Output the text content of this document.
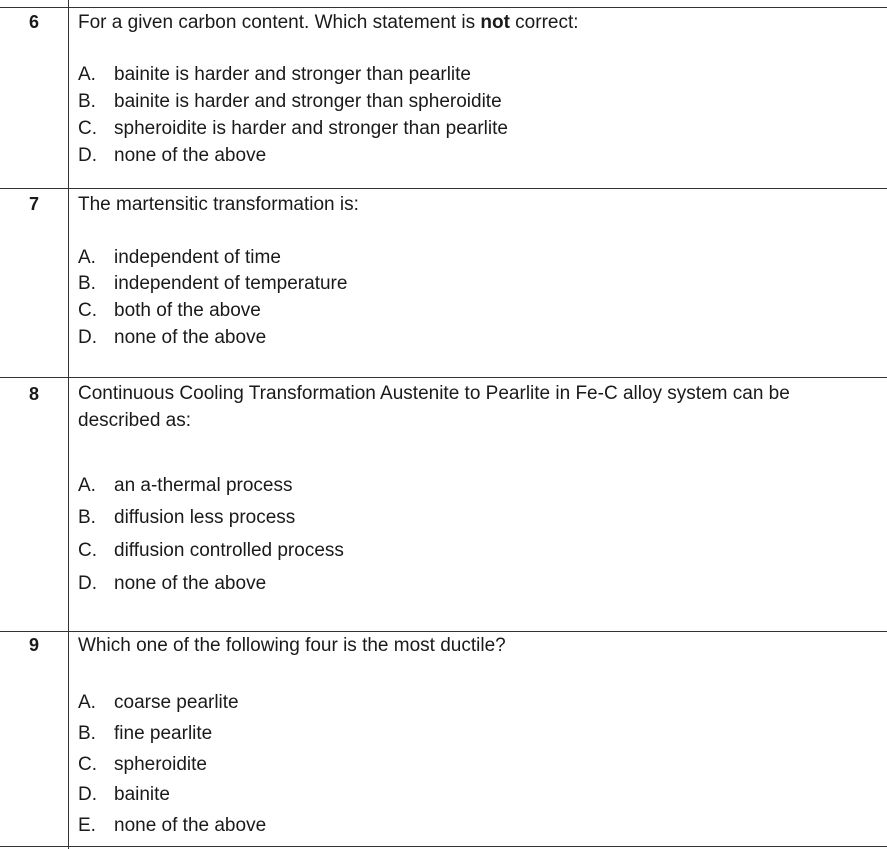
6	For a given carbon content. Which statement is not correct:
A. bainite is harder and stronger than pearlite
B. bainite is harder and stronger than spheroidite
C. spheroidite is harder and stronger than pearlite
D. none of the above
7	The martensitic transformation is:
A. independent of time
B. independent of temperature
C. both of the above
D. none of the above
8	Continuous Cooling Transformation Austenite to Pearlite in Fe-C alloy system can be described as:
A. an a-thermal process
B. diffusion less process
C. diffusion controlled process
D. none of the above
9	Which one of the following four is the most ductile?
A. coarse pearlite
B. fine pearlite
C. spheroidite
D. bainite
E. none of the above
